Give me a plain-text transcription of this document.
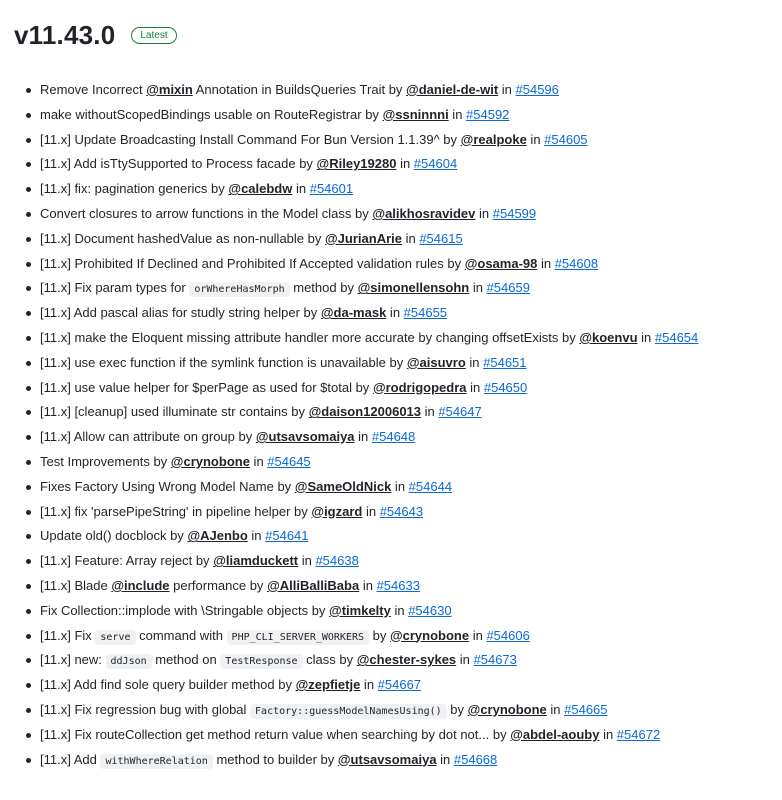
v11.43.0	Latest
Remove Incorrect @mixin Annotation in BuildsQueries Trait by @daniel-de-wit in #54596
make withoutScopedBindings usable on RouteRegistrar by @ssninnni in #54592
[11.x] Update Broadcasting Install Command For Bun Version 1.1.39^ by @realpoke in #54605
[11.x] Add isTtySupported to Process facade by @Riley19280 in #54604
[11.x] fix: pagination generics by @calebdw in #54601
Convert closures to arrow functions in the Model class by @alikhosravidev in #54599
[11.x] Document hashedValue as non-nullable by @JurianArie in #54615
[11.x] Prohibited If Declined and Prohibited If Accepted validation rules by @osama-98 in #54608
[11.x] Fix param types for orWhereHasMorph method by @simonellensohn in #54659
[11.x] Add pascal alias for studly string helper by @da-mask in #54655
[11.x] make the Eloquent missing attribute handler more accurate by changing offsetExists by @koenvu in #54654
[11.x] use exec function if the symlink function is unavailable by @aisuvro in #54651
[11.x] use value helper for $perPage as used for $total by @rodrigopedra in #54650
[11.x] [cleanup] used illuminate str contains by @daison12006013 in #54647
[11.x] Allow can attribute on group by @utsavsomaiya in #54648
Test Improvements by @crynobone in #54645
Fixes Factory Using Wrong Model Name by @SameOldNick in #54644
[11.x] fix 'parsePipeString' in pipeline helper by @igzard in #54643
Update old() docblock by @AJenbo in #54641
[11.x] Feature: Array reject by @liamduckett in #54638
[11.x] Blade @include performance by @AlliBalliBaba in #54633
Fix Collection::implode with \Stringable objects by @timkelty in #54630
[11.x] Fix serve command with PHP_CLI_SERVER_WORKERS by @crynobone in #54606
[11.x] new: ddJson method on TestResponse class by @chester-sykes in #54673
[11.x] Add find sole query builder method by @zepfietje in #54667
[11.x] Fix regression bug with global Factory::guessModelNamesUsing() by @crynobone in #54665
[11.x] Fix routeCollection get method return value when searching by dot not... by @abdel-aouby in #54672
[11.x] Add withWhereRelation method to builder by @utsavsomaiya in #54668
